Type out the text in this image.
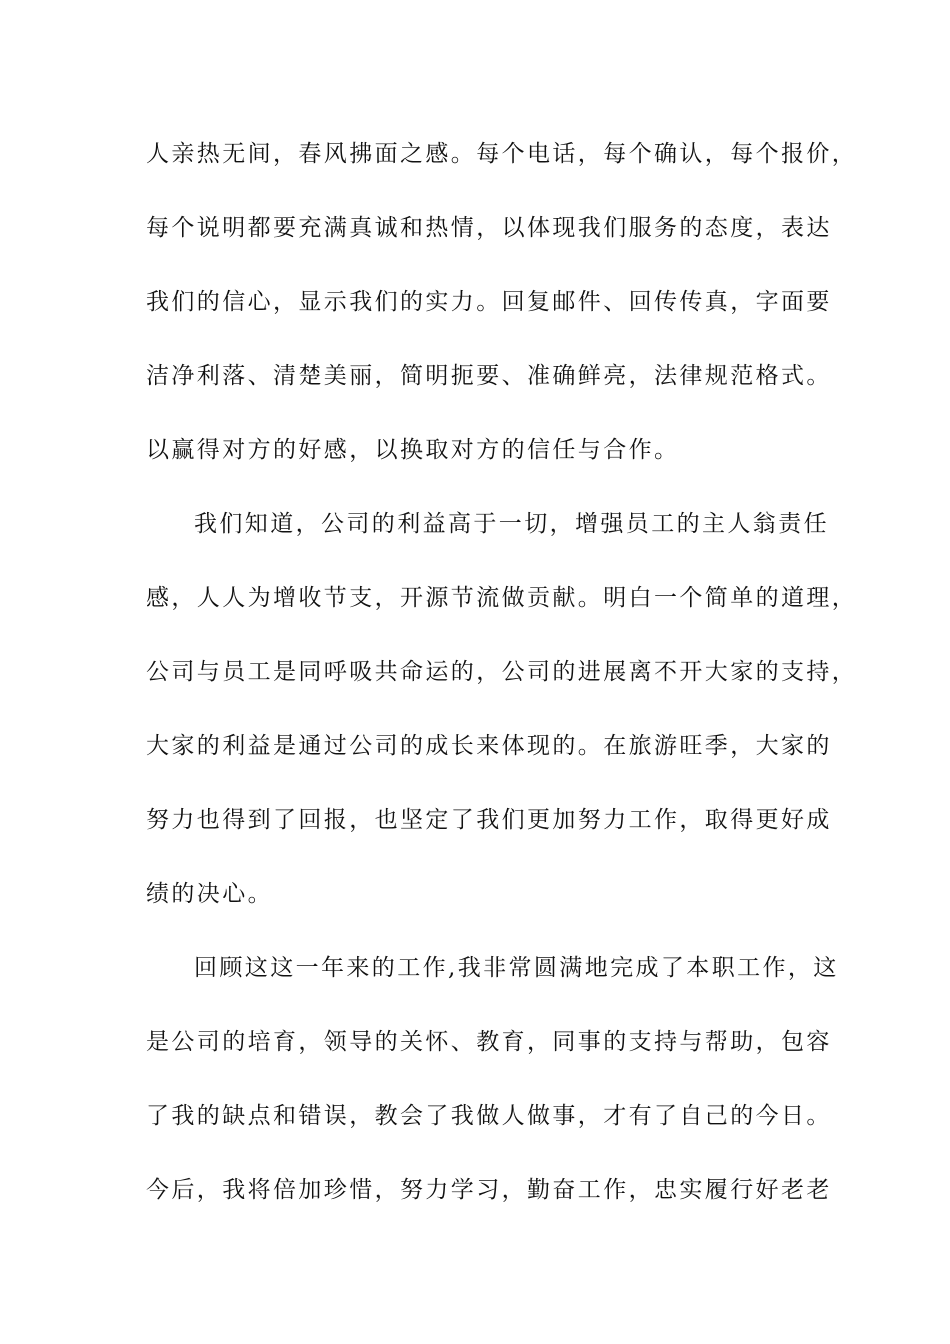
人亲热无间，春风拂面之感。每个电话，每个确认，每个报价，
每个说明都要充满真诚和热情，以体现我们服务的态度，表达
我们的信心，显示我们的实力。回复邮件、回传传真，字面要
洁净利落、清楚美丽，简明扼要、准确鲜亮，法律规范格式。
以赢得对方的好感，以换取对方的信任与合作。
我们知道，公司的利益高于一切，增强员工的主人翁责任
感，人人为增收节支，开源节流做贡献。明白一个简单的道理，
公司与员工是同呼吸共命运的，公司的进展离不开大家的支持，
大家的利益是通过公司的成长来体现的。在旅游旺季，大家的
努力也得到了回报，也坚定了我们更加努力工作，取得更好成
绩的决心。
回顾这这一年来的工作,我非常圆满地完成了本职工作，这
是公司的培育，领导的关怀、教育，同事的支持与帮助，包容
了我的缺点和错误，教会了我做人做事，才有了自己的今日。
今后，我将倍加珍惜，努力学习，勤奋工作，忠实履行好老老
